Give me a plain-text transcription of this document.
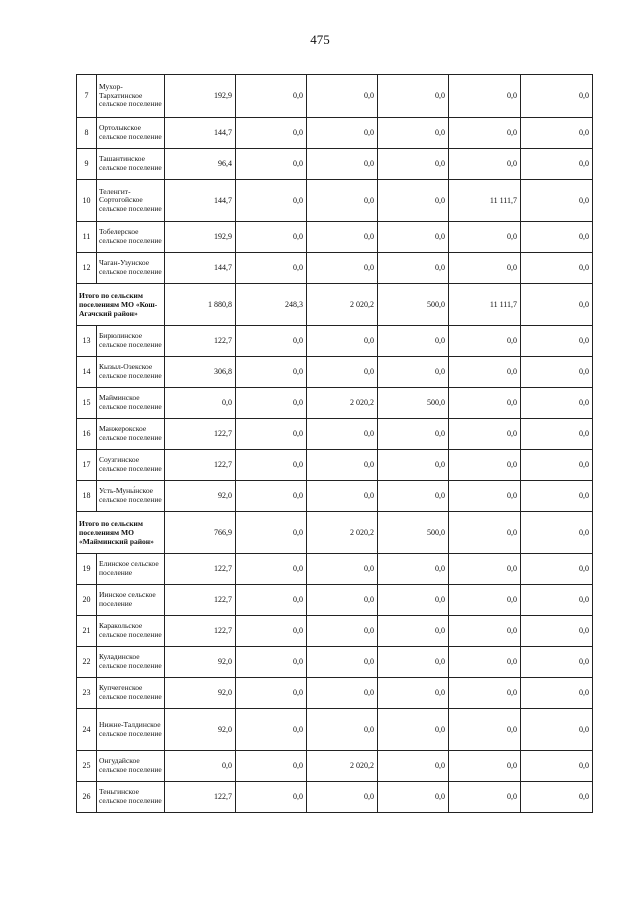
475
7	Мухор-Тархатинское сельское поселение	192,9	0,0	0,0	0,0	0,0	0,0
8	Ортолыкское сельское поселение	144,7	0,0	0,0	0,0	0,0	0,0
9	Ташантинское сельское поселение	96,4	0,0	0,0	0,0	0,0	0,0
10	Теленгит-Сортогойское сельское поселение	144,7	0,0	0,0	0,0	11 111,7	0,0
11	Тобелерское сельское поселение	192,9	0,0	0,0	0,0	0,0	0,0
12	Чаган-Узунское сельское поселение	144,7	0,0	0,0	0,0	0,0	0,0
Итого по сельским поселениям МО «Кош-Агачский район»		1 880,8	248,3	2 020,2	500,0	11 111,7	0,0
13	Бирюлинское сельское поселение	122,7	0,0	0,0	0,0	0,0	0,0
14	Кызыл-Озекское сельское поселение	306,8	0,0	0,0	0,0	0,0	0,0
15	Майминское сельское поселение	0,0	0,0	2 020,2	500,0	0,0	0,0
16	Манжерокское сельское поселение	122,7	0,0	0,0	0,0	0,0	0,0
17	Соузгинское сельское поселение	122,7	0,0	0,0	0,0	0,0	0,0
18	Усть-Муны́нское сельское поселение	92,0	0,0	0,0	0,0	0,0	0,0
Итого по сельским поселениям МО «Майминский район»		766,9	0,0	2 020,2	500,0	0,0	0,0
19	Елинское сельское поселение	122,7	0,0	0,0	0,0	0,0	0,0
20	Иинское сельское поселение	122,7	0,0	0,0	0,0	0,0	0,0
21	Каракольское сельское поселение	122,7	0,0	0,0	0,0	0,0	0,0
22	Куладинское сельское поселение	92,0	0,0	0,0	0,0	0,0	0,0
23	Купчегенское сельское поселение	92,0	0,0	0,0	0,0	0,0	0,0
24	Нижне-Талдинское сельское поселение	92,0	0,0	0,0	0,0	0,0	0,0
25	Онгудайское сельское поселение	0,0	0,0	2 020,2	0,0	0,0	0,0
26	Теньгинское сельское поселение	122,7	0,0	0,0	0,0	0,0	0,0
